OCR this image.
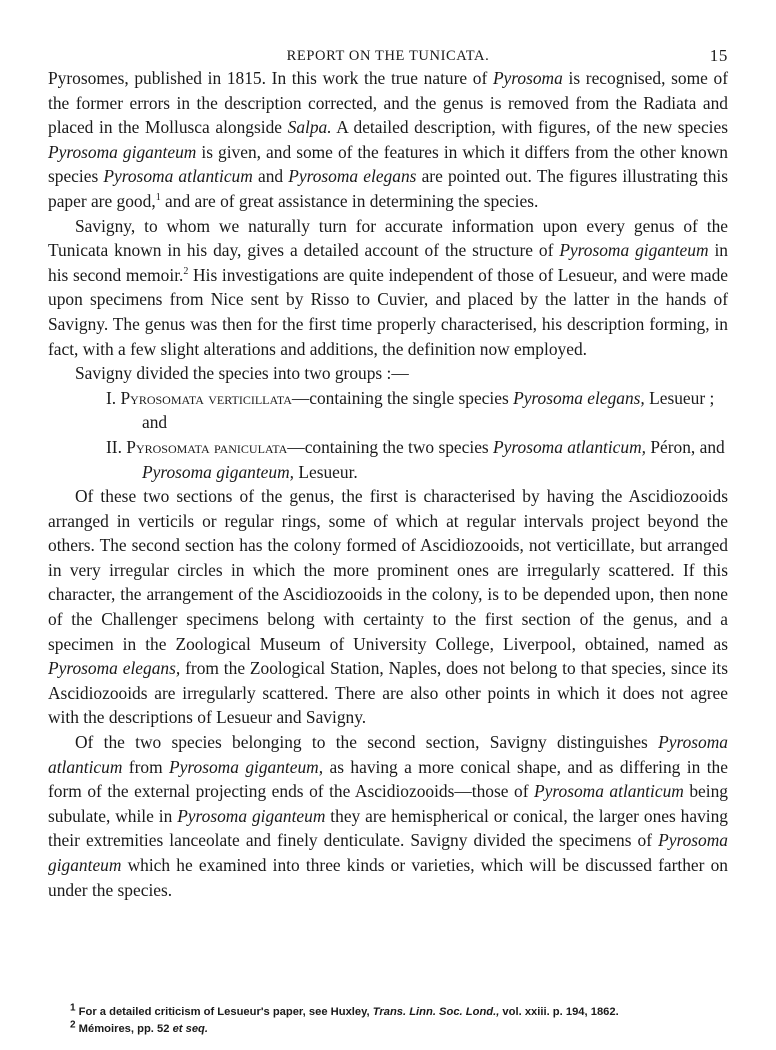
REPORT ON THE TUNICATA.	15

Pyrosomes, published in 1815. In this work the true nature of Pyrosoma is recognised, some of the former errors in the description corrected, and the genus is removed from the Radiata and placed in the Mollusca alongside Salpa. A detailed description, with figures, of the new species Pyrosoma giganteum is given, and some of the features in which it differs from the other known species Pyrosoma atlanticum and Pyrosoma elegans are pointed out. The figures illustrating this paper are good,$^1$ and are of great assistance in determining the species.

Savigny, to whom we naturally turn for accurate information upon every genus of the Tunicata known in his day, gives a detailed account of the structure of Pyrosoma giganteum in his second memoir.$^2$ His investigations are quite independent of those of Lesueur, and were made upon specimens from Nice sent by Risso to Cuvier, and placed by the latter in the hands of Savigny. The genus was then for the first time properly characterised, his description forming, in fact, with a few slight alterations and additions, the definition now employed.

Savigny divided the species into two groups :—

I. Pyrosomata verticillata—containing the single species Pyrosoma elegans, Lesueur ; and

II. Pyrosomata paniculata—containing the two species Pyrosoma atlanticum, Péron, and Pyrosoma giganteum, Lesueur.

Of these two sections of the genus, the first is characterised by having the Ascidiozooids arranged in verticils or regular rings, some of which at regular intervals project beyond the others. The second section has the colony formed of Ascidiozooids, not verticillate, but arranged in very irregular circles in which the more prominent ones are irregularly scattered. If this character, the arrangement of the Ascidiozooids in the colony, is to be depended upon, then none of the Challenger specimens belong with certainty to the first section of the genus, and a specimen in the Zoological Museum of University College, Liverpool, obtained, named as Pyrosoma elegans, from the Zoological Station, Naples, does not belong to that species, since its Ascidiozooids are irregularly scattered. There are also other points in which it does not agree with the descriptions of Lesueur and Savigny.

Of the two species belonging to the second section, Savigny distinguishes Pyrosoma atlanticum from Pyrosoma giganteum, as having a more conical shape, and as differing in the form of the external projecting ends of the Ascidiozooids—those of Pyrosoma atlanticum being subulate, while in Pyrosoma giganteum they are hemispherical or conical, the larger ones having their extremities lanceolate and finely denticulate. Savigny divided the specimens of Pyrosoma giganteum which he examined into three kinds or varieties, which will be discussed farther on under the species.

$^1$ For a detailed criticism of Lesueur's paper, see Huxley, Trans. Linn. Soc. Lond., vol. xxiii. p. 194, 1862.
$^2$ Mémoires, pp. 52 et seq.
